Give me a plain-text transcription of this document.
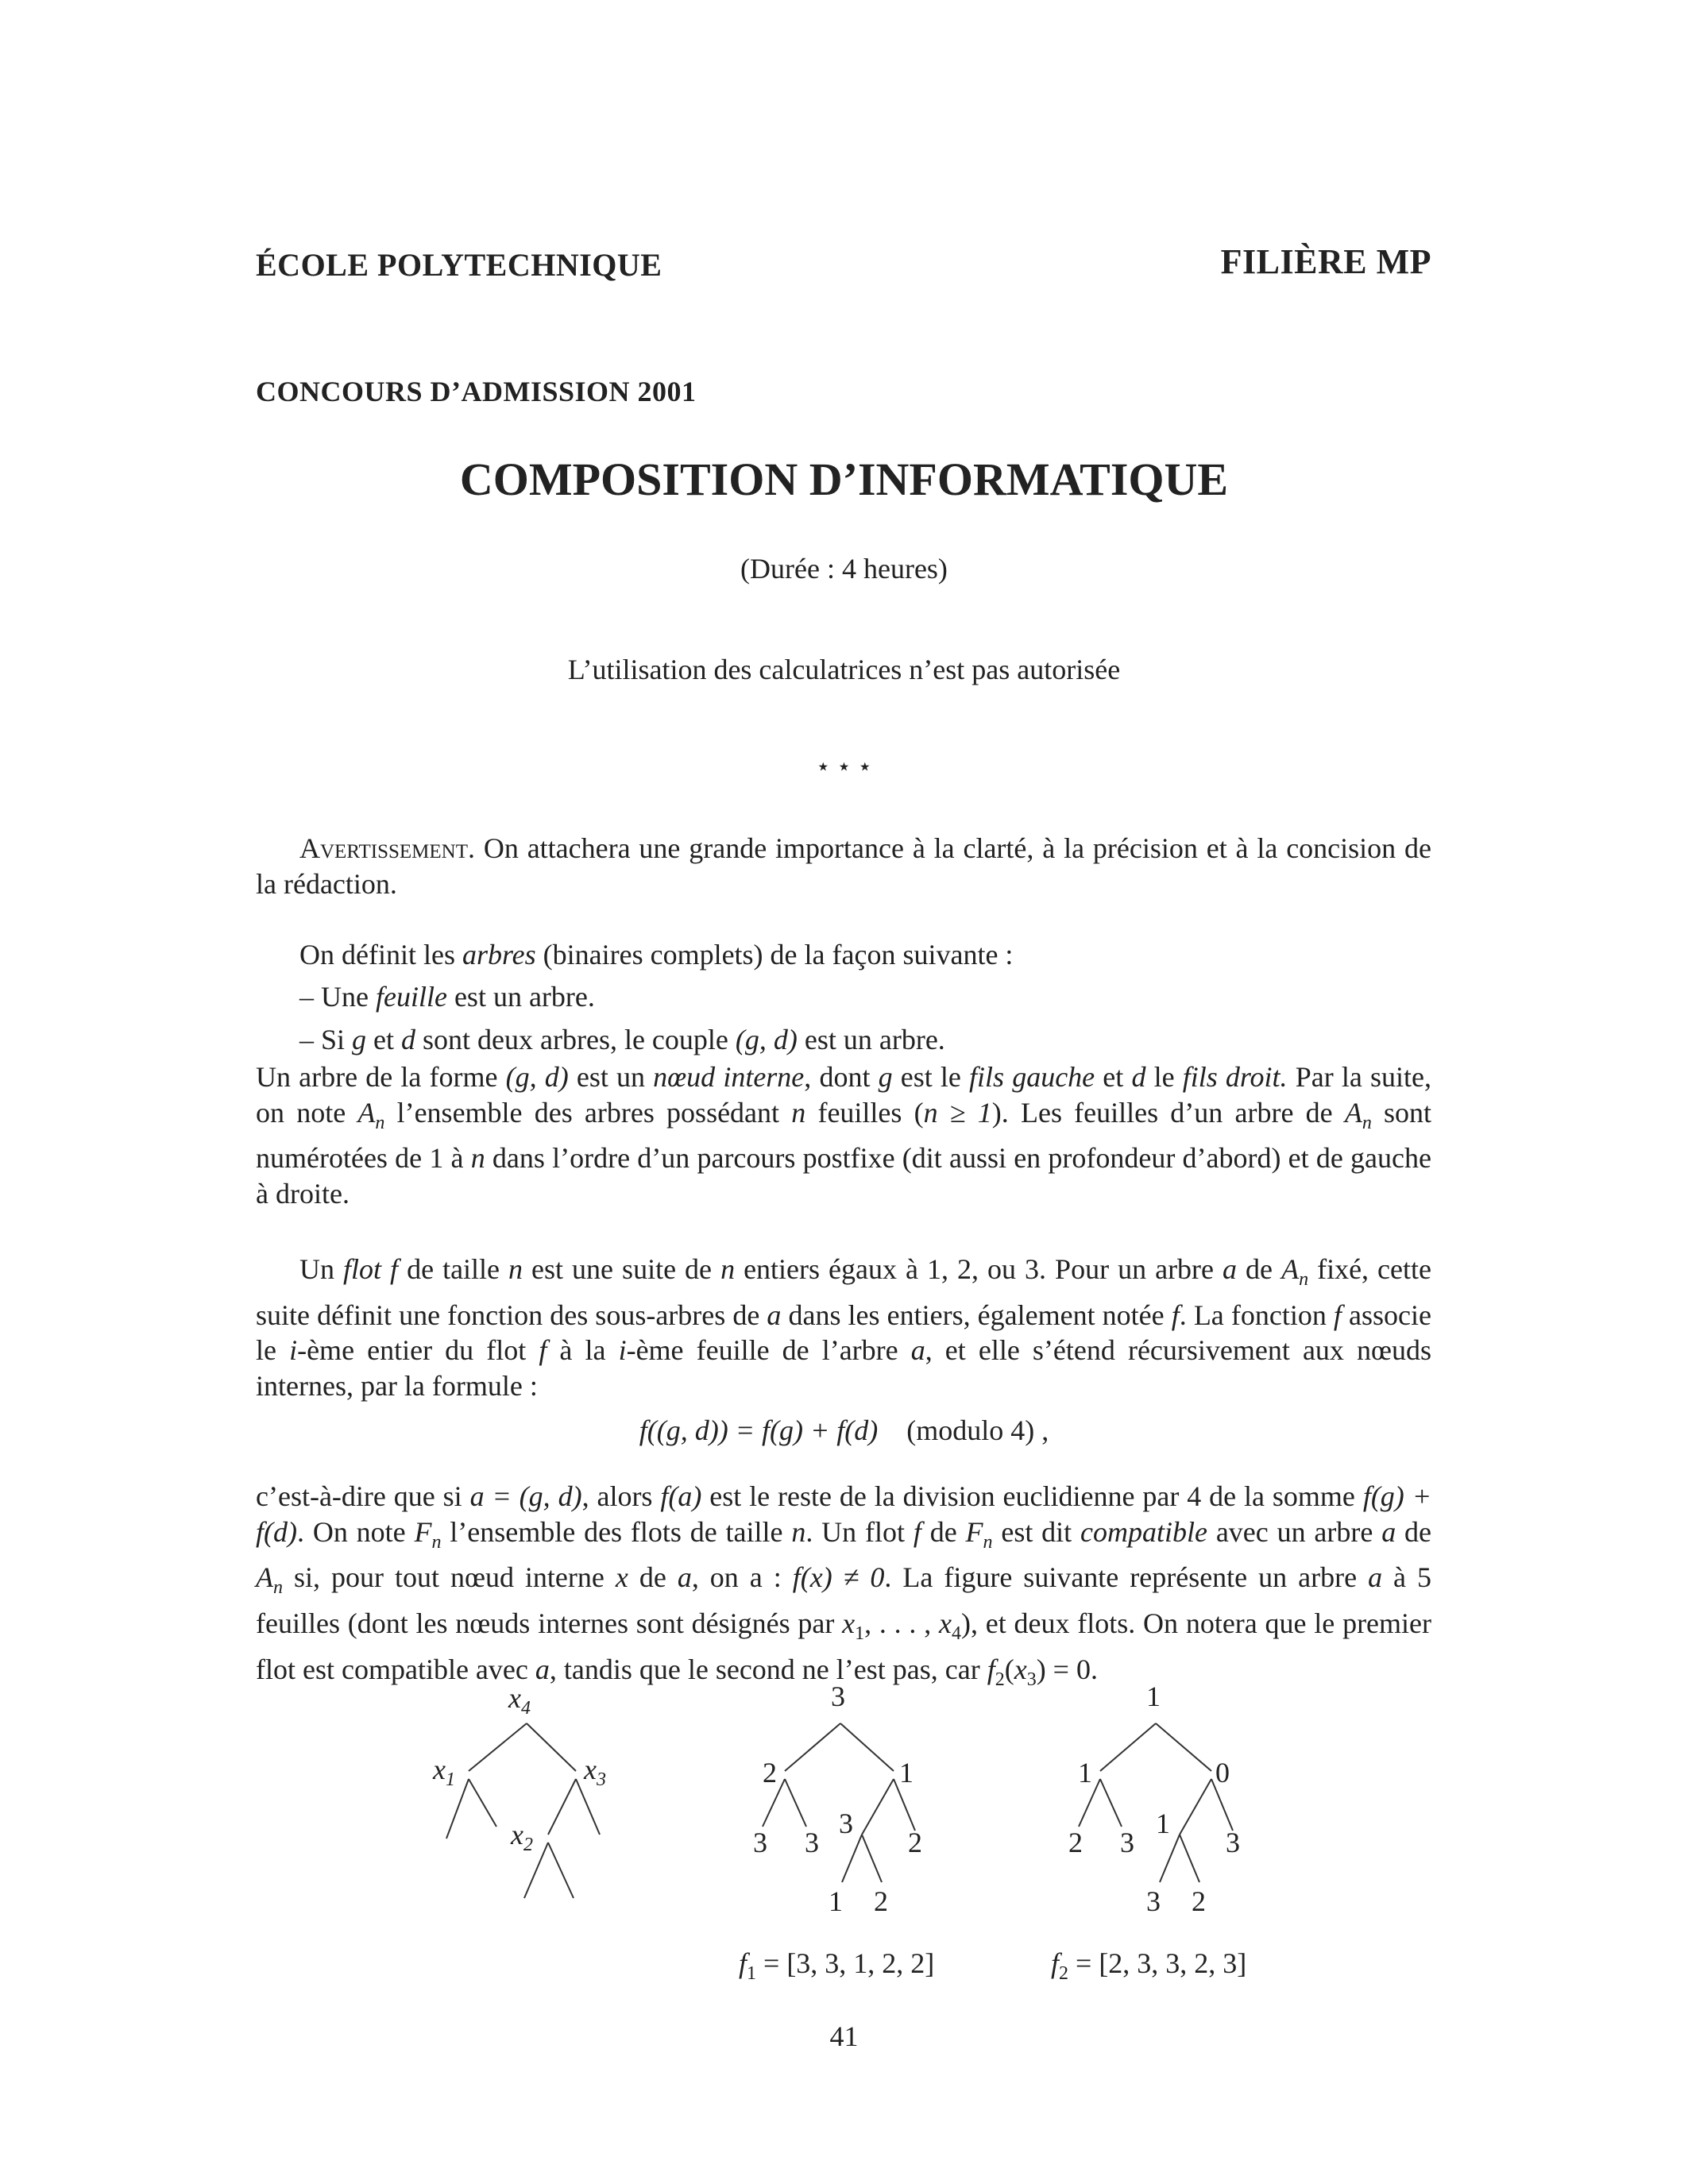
ÉCOLE POLYTECHNIQUE	FILIÈRE MP
CONCOURS D’ADMISSION 2001
COMPOSITION D’INFORMATIQUE
(Durée : 4 heures)
L’utilisation des calculatrices n’est pas autorisée
⋆ ⋆ ⋆

Avertissement. On attachera une grande importance à la clarté, à la précision et à la concision de la rédaction.

On définit les arbres (binaires complets) de la façon suivante :

– Une feuille est un arbre.
– Si g et d sont deux arbres, le couple (g, d) est un arbre.

Un arbre de la forme (g, d) est un nœud interne, dont g est le fils gauche et d le fils droit. Par la suite, on note $A_n$ l’ensemble des arbres possédant n feuilles (n ≥ 1). Les feuilles d’un arbre de $A_n$ sont numérotées de 1 à n dans l’ordre d’un parcours postfixe (dit aussi en profondeur d’abord) et de gauche à droite.

Un flot f de taille n est une suite de n entiers égaux à 1, 2, ou 3. Pour un arbre a de $A_n$ fixé, cette suite définit une fonction des sous-arbres de a dans les entiers, également notée f. La fonction f associe le i-ème entier du flot f à la i-ème feuille de l’arbre a, et elle s’étend récursivement aux nœuds internes, par la formule :

f((g, d)) = f(g) + f(d) (modulo 4) ,

c’est-à-dire que si a = (g, d), alors f(a) est le reste de la division euclidienne par 4 de la somme f(g) + f(d). On note $F_n$ l’ensemble des flots de taille n. Un flot f de $F_n$ est dit compatible avec un arbre a de $A_n$ si, pour tout nœud interne x de a, on a : f(x) ≠ 0. La figure suivante représente un arbre a à 5 feuilles (dont les nœuds internes sont désignés par $x_1$, . . . , $x_4$), et deux flots. On notera que le premier flot est compatible avec a, tandis que le second ne l’est pas, car $f_2(x_3) = 0$.

$x_4$
$x_1$	$x_3$
$x_2$
3
2	1
3 3
3
2
1 2
$f_1 = [3$, 3, 1, 2, 2]
1
1	0
2 3
1
3
3 2
$f_2 = [2$, 3, 3, 2, 3]
41
